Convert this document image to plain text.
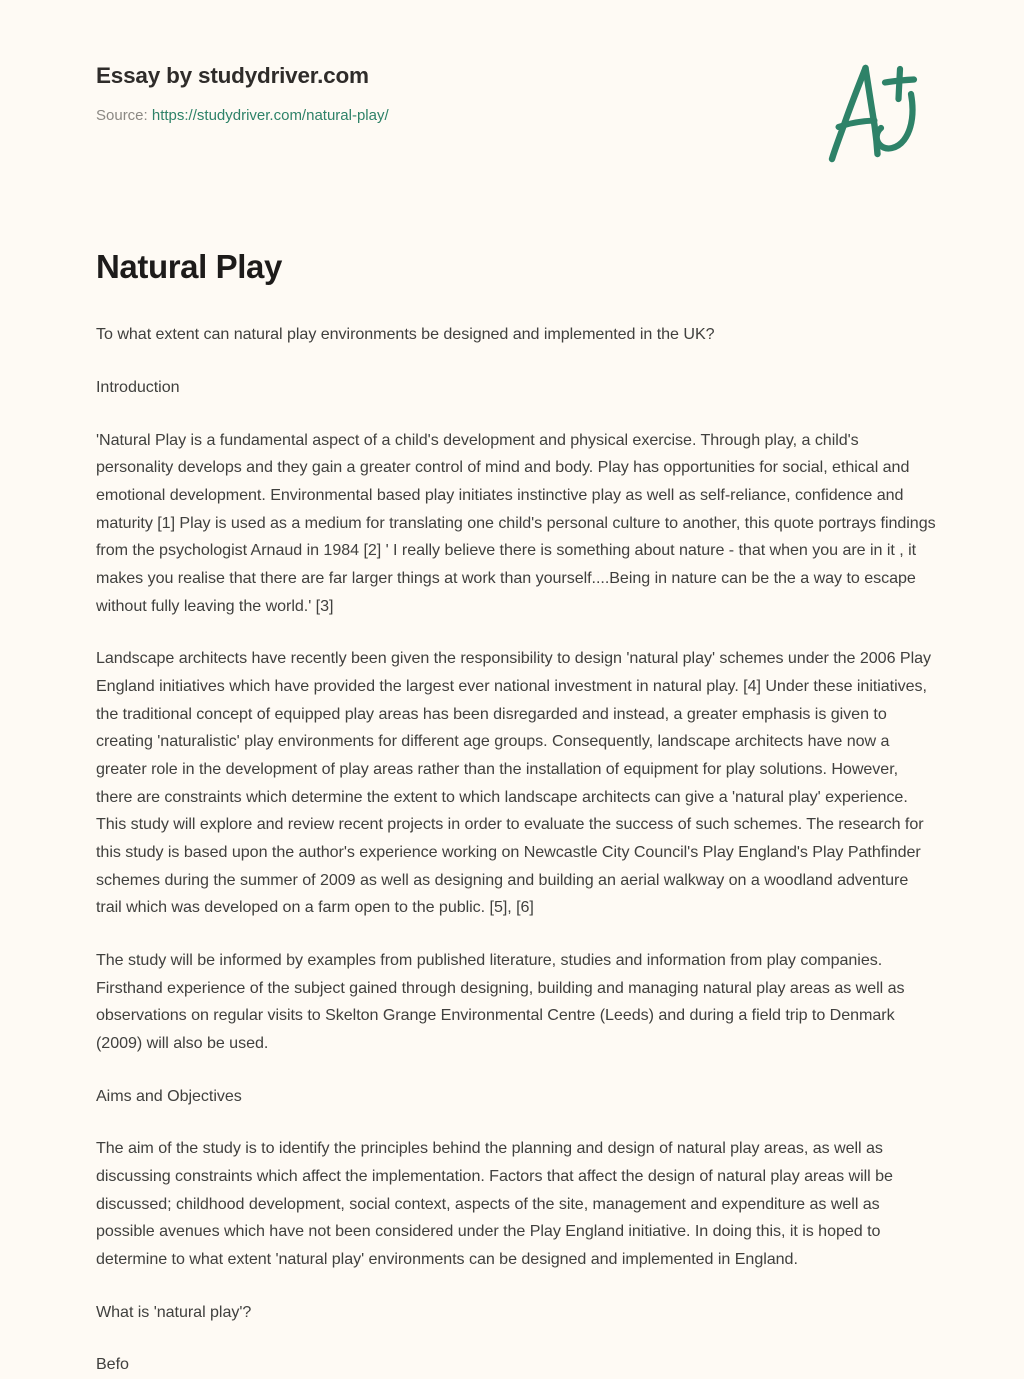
Essay by studydriver.com
Source: https://studydriver.com/natural-play/
Natural Play

To what extent can natural play environments be designed and implemented in the UK?

Introduction

'Natural Play is a fundamental aspect of a child's development and physical exercise. Through play, a child's personality develops and they gain a greater control of mind and body. Play has opportunities for social, ethical and emotional development. Environmental based play initiates instinctive play as well as self-reliance, confidence and maturity [1] Play is used as a medium for translating one child's personal culture to another, this quote portrays findings from the psychologist Arnaud in 1984 [2] ' I really believe there is something about nature - that when you are in it , it makes you realise that there are far larger things at work than yourself....Being in nature can be the a way to escape without fully leaving the world.' [3]

Landscape architects have recently been given the responsibility to design 'natural play' schemes under the 2006 Play England initiatives which have provided the largest ever national investment in natural play. [4] Under these initiatives, the traditional concept of equipped play areas has been disregarded and instead, a greater emphasis is given to creating 'naturalistic' play environments for different age groups. Consequently, landscape architects have now a greater role in the development of play areas rather than the installation of equipment for play solutions. However, there are constraints which determine the extent to which landscape architects can give a 'natural play' experience. This study will explore and review recent projects in order to evaluate the success of such schemes. The research for this study is based upon the author's experience working on Newcastle City Council's Play England's Play Pathfinder schemes during the summer of 2009 as well as designing and building an aerial walkway on a woodland adventure trail which was developed on a farm open to the public. [5], [6]

The study will be informed by examples from published literature, studies and information from play companies. Firsthand experience of the subject gained through designing, building and managing natural play areas as well as observations on regular visits to Skelton Grange Environmental Centre (Leeds) and during a field trip to Denmark (2009) will also be used.

Aims and Objectives

The aim of the study is to identify the principles behind the planning and design of natural play areas, as well as discussing constraints which affect the implementation. Factors that affect the design of natural play areas will be discussed; childhood development, social context, aspects of the site, management and expenditure as well as possible avenues which have not been considered under the Play England initiative. In doing this, it is hoped to determine to what extent 'natural play' environments can be designed and implemented in England.

What is 'natural play'?

Befo
